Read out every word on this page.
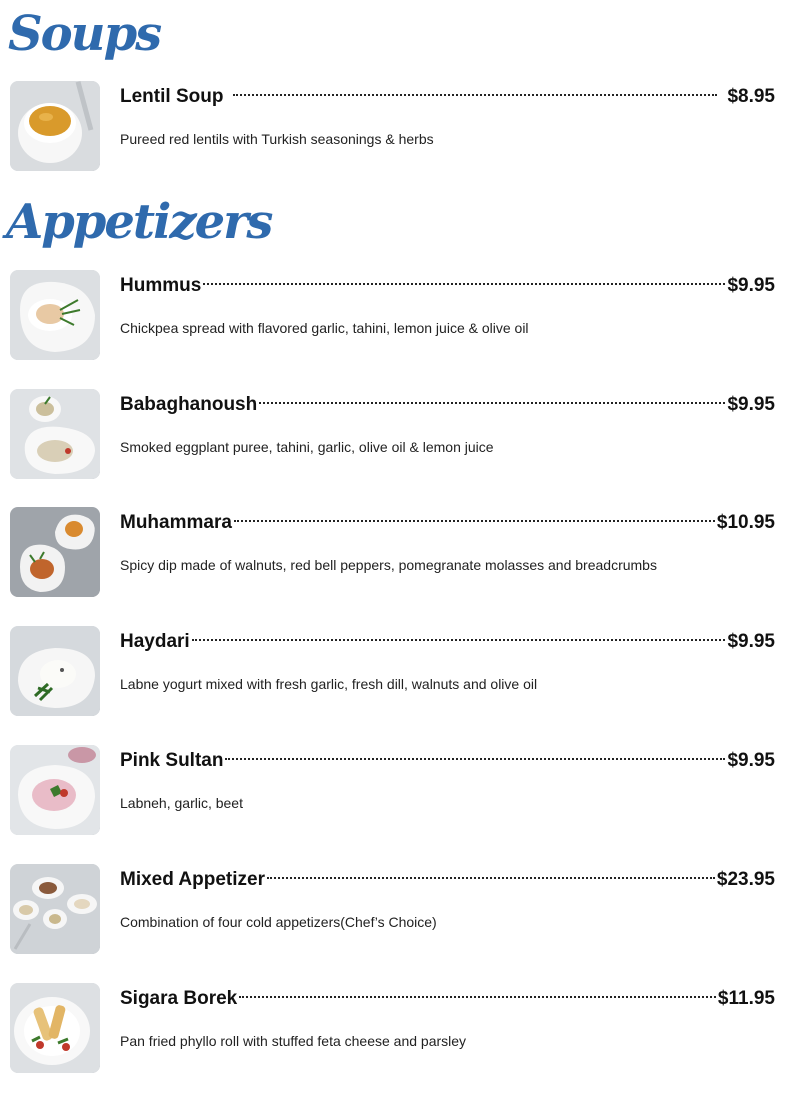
Soups
Lentil Soup	$8.95
Pureed red lentils with Turkish seasonings & herbs
Appetizers
Hummus	$9.95
Chickpea spread with flavored garlic, tahini, lemon juice & olive oil
Babaghanoush	$9.95
Smoked eggplant puree, tahini, garlic, olive oil & lemon juice
Muhammara	$10.95
Spicy dip made of walnuts, red bell peppers, pomegranate molasses and breadcrumbs
Haydari	$9.95
Labne yogurt mixed with fresh garlic, fresh dill, walnuts and olive oil
Pink Sultan	$9.95
Labneh, garlic, beet
Mixed Appetizer	$23.95
Combination of four cold appetizers(Chef’s Choice)
Sigara Borek	$11.95
Pan fried phyllo roll with stuffed feta cheese and parsley
